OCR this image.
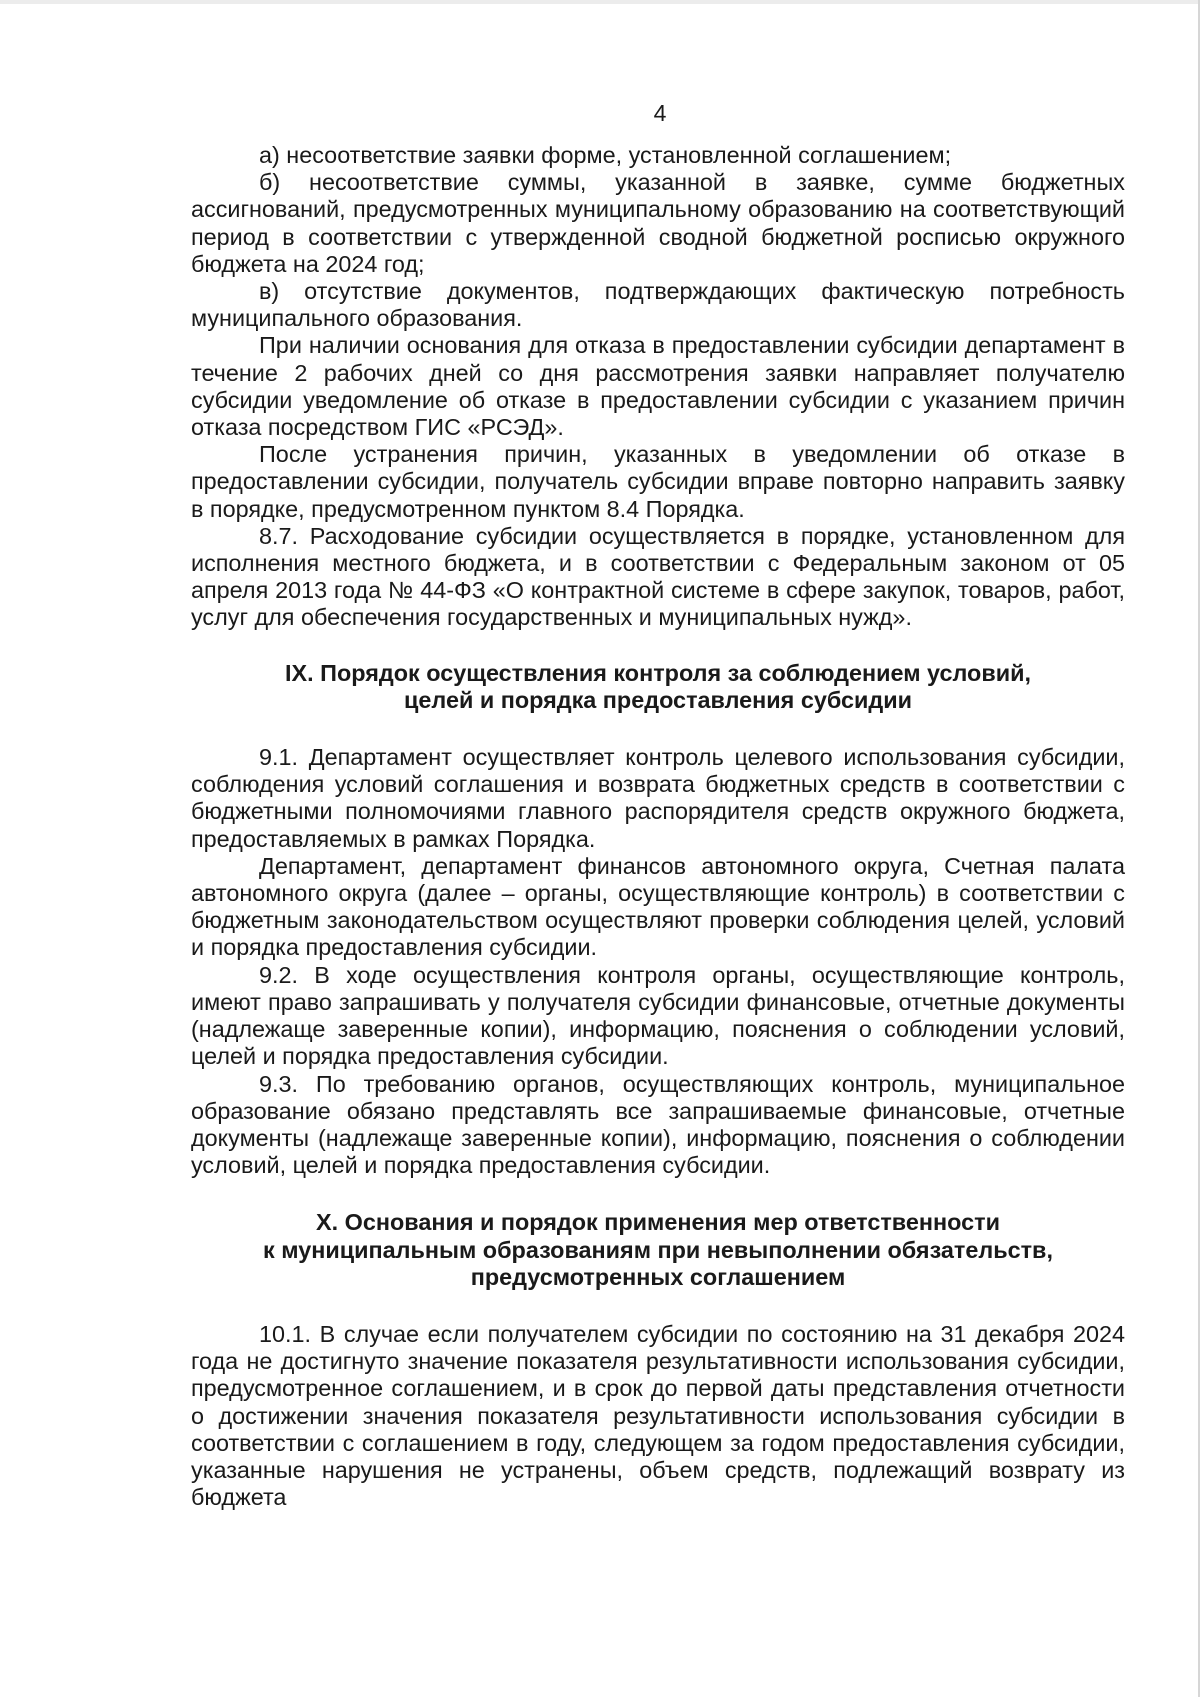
4

а) несоответствие заявки форме, установленной соглашением;

б) несоответствие суммы, указанной в заявке, сумме бюджетных ассигнований, предусмотренных муниципальному образованию на соответствующий период в соответствии с утвержденной сводной бюджетной росписью окружного бюджета на 2024 год;

в) отсутствие документов, подтверждающих фактическую потребность муниципального образования.

При наличии основания для отказа в предоставлении субсидии департамент в течение 2 рабочих дней со дня рассмотрения заявки направляет получателю субсидии уведомление об отказе в предоставлении субсидии с указанием причин отказа посредством ГИС «РСЭД».

После устранения причин, указанных в уведомлении об отказе в предоставлении субсидии, получатель субсидии вправе повторно направить заявку в порядке, предусмотренном пунктом 8.4 Порядка.

8.7. Расходование субсидии осуществляется в порядке, установленном для исполнения местного бюджета, и в соответствии с Федеральным законом от 05 апреля 2013 года № 44-ФЗ «О контрактной системе в сфере закупок, товаров, работ, услуг для обеспечения государственных и муниципальных нужд».

IX. Порядок осуществления контроля за соблюдением условий,
целей и порядка предоставления субсидии

9.1. Департамент осуществляет контроль целевого использования субсидии, соблюдения условий соглашения и возврата бюджетных средств в соответствии с бюджетными полномочиями главного распорядителя средств окружного бюджета, предоставляемых в рамках Порядка.

Департамент, департамент финансов автономного округа, Счетная палата автономного округа (далее – органы, осуществляющие контроль) в соответствии с бюджетным законодательством осуществляют проверки соблюдения целей, условий и порядка предоставления субсидии.

9.2. В ходе осуществления контроля органы, осуществляющие контроль, имеют право запрашивать у получателя субсидии финансовые, отчетные документы (надлежаще заверенные копии), информацию, пояснения о соблюдении условий, целей и порядка предоставления субсидии.

9.3. По требованию органов, осуществляющих контроль, муниципальное образование обязано представлять все запрашиваемые финансовые, отчетные документы (надлежаще заверенные копии), информацию, пояснения о соблюдении условий, целей и порядка предоставления субсидии.

X. Основания и порядок применения мер ответственности
к муниципальным образованиям при невыполнении обязательств,
предусмотренных соглашением

10.1. В случае если получателем субсидии по состоянию на 31 декабря 2024 года не достигнуто значение показателя результативности использования субсидии, предусмотренное соглашением, и в срок до первой даты представления отчетности о достижении значения показателя результативности использования субсидии в соответствии с соглашением в году, следующем за годом предоставления субсидии, указанные нарушения не устранены, объем средств, подлежащий возврату из бюджета
